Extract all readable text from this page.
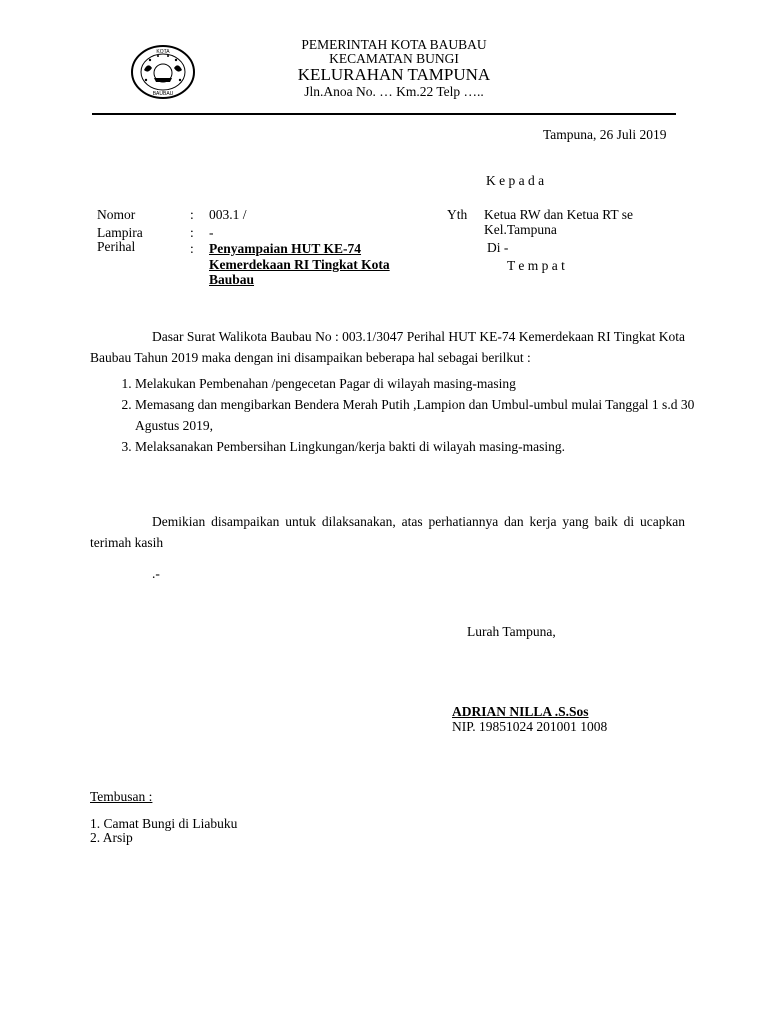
KOTA
BAUBAU
PEMERINTAH KOTA BAUBAU
KECAMATAN BUNGI
KELURAHAN TAMPUNA
Jln.Anoa No. … Km.22 Telp …..
Tampuna, 26 Juli 2019
K e p a d a
Nomor	: 003.1 /
Lampira	: -
Perihal	: Penyampaian HUT KE-74
Kemerdekaan RI Tingkat Kota
Baubau
Yth Ketua RW dan Ketua RT se
Kel.Tampuna
Di -
T e m p a t
Dasar Surat Walikota Baubau No : 003.1/3047 Perihal HUT KE-74 Kemerdekaan RI Tingkat Kota Baubau Tahun 2019 maka dengan ini disampaikan beberapa hal sebagai berilkut :
1. Melakukan Pembenahan /pengecetan Pagar di wilayah masing-masing
2. Memasang dan mengibarkan Bendera Merah Putih ,Lampion dan Umbul-umbul mulai Tanggal 1 s.d 30 Agustus 2019,
3. Melaksanakan Pembersihan Lingkungan/kerja bakti di wilayah masing-masing.
Demikian disampaikan untuk dilaksanakan, atas perhatiannya dan kerja yang baik di ucapkan terimah kasih
.-
Lurah Tampuna,
ADRIAN NILLA .S.Sos
NIP. 19851024 201001 1008
Tembusan :
1. Camat Bungi di Liabuku
2. Arsip
